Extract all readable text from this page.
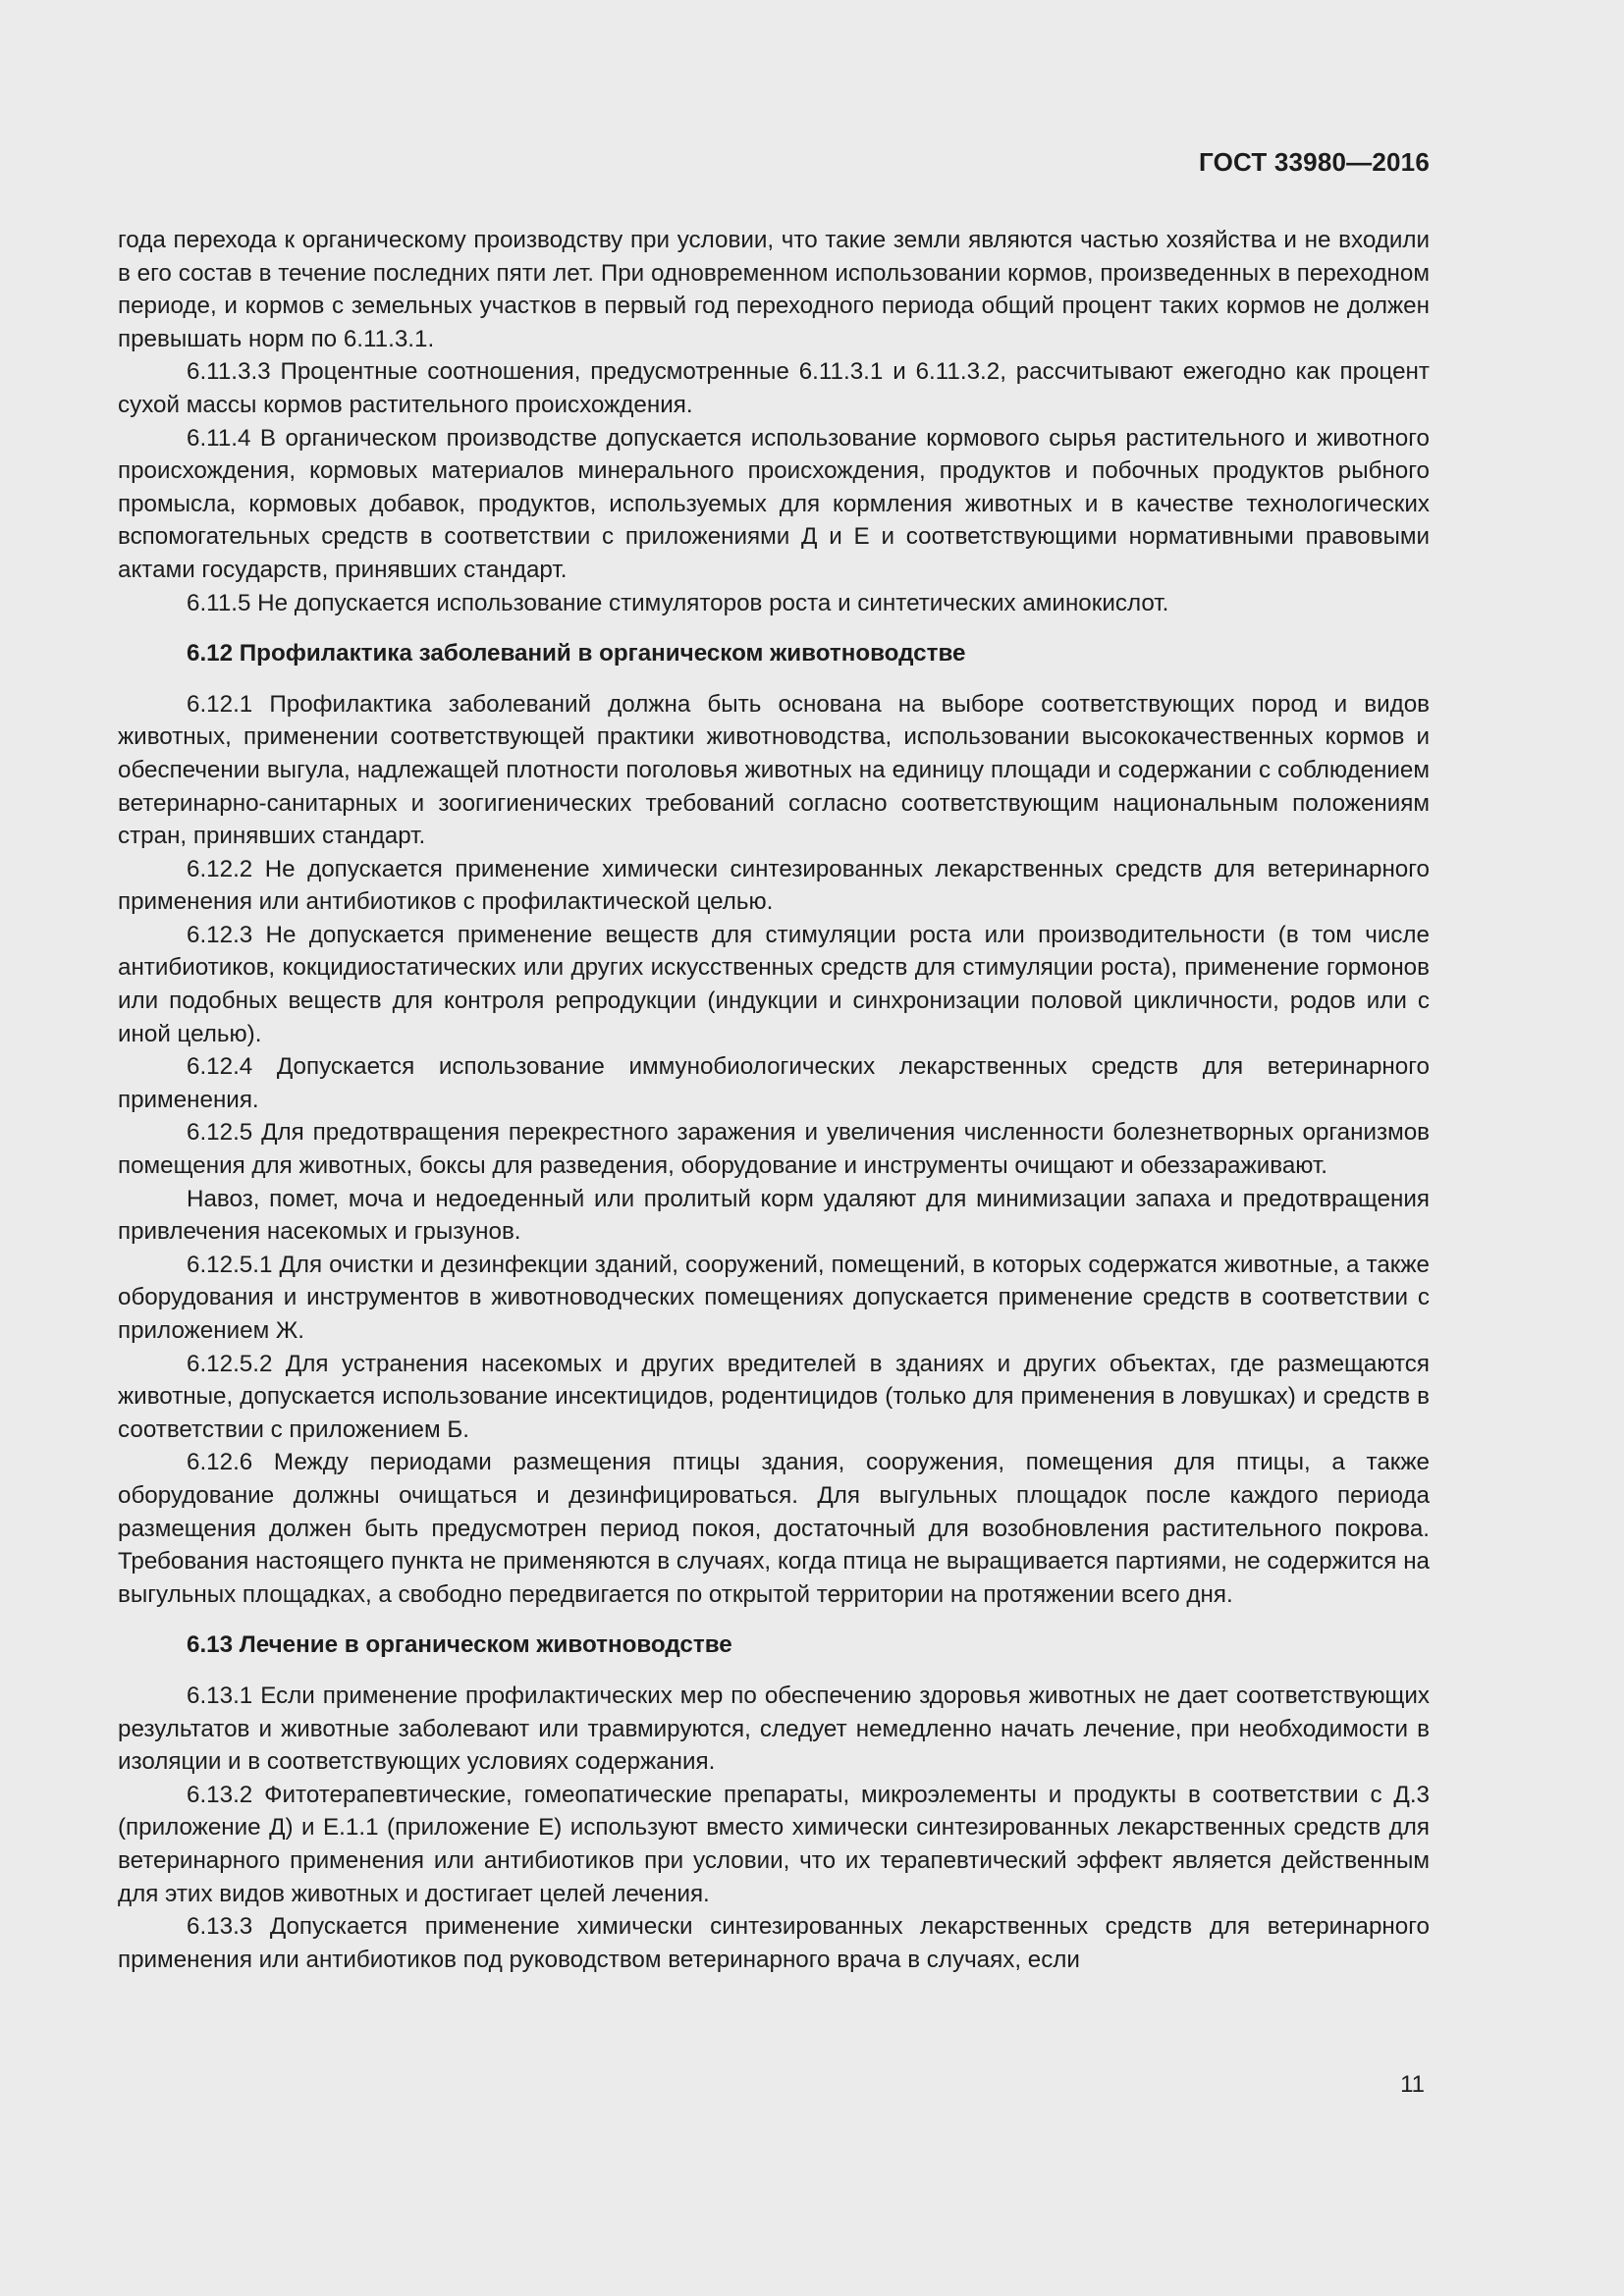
ГОСТ 33980—2016

года перехода к органическому производству при условии, что такие земли являются частью хозяйства и не входили в его состав в течение последних пяти лет. При одновременном использовании кормов, произведенных в переходном периоде, и кормов с земельных участков в первый год переходного периода общий процент таких кормов не должен превышать норм по 6.11.3.1.

6.11.3.3 Процентные соотношения, предусмотренные 6.11.3.1 и 6.11.3.2, рассчитывают ежегодно как процент сухой массы кормов растительного происхождения.

6.11.4 В органическом производстве допускается использование кормового сырья растительного и животного происхождения, кормовых материалов минерального происхождения, продуктов и побочных продуктов рыбного промысла, кормовых добавок, продуктов, используемых для кормления животных и в качестве технологических вспомогательных средств в соответствии с приложениями Д и Е и соответствующими нормативными правовыми актами государств, принявших стандарт.

6.11.5 Не допускается использование стимуляторов роста и синтетических аминокислот.

6.12 Профилактика заболеваний в органическом животноводстве

6.12.1 Профилактика заболеваний должна быть основана на выборе соответствующих пород и видов животных, применении соответствующей практики животноводства, использовании высококачественных кормов и обеспечении выгула, надлежащей плотности поголовья животных на единицу площади и содержании с соблюдением ветеринарно-санитарных и зоогигиенических требований согласно соответствующим национальным положениям стран, принявших стандарт.

6.12.2 Не допускается применение химически синтезированных лекарственных средств для ветеринарного применения или антибиотиков с профилактической целью.

6.12.3 Не допускается применение веществ для стимуляции роста или производительности (в том числе антибиотиков, кокцидиостатических или других искусственных средств для стимуляции роста), применение гормонов или подобных веществ для контроля репродукции (индукции и синхронизации половой цикличности, родов или с иной целью).

6.12.4 Допускается использование иммунобиологических лекарственных средств для ветеринарного применения.

6.12.5 Для предотвращения перекрестного заражения и увеличения численности болезнетворных организмов помещения для животных, боксы для разведения, оборудование и инструменты очищают и обеззараживают.

Навоз, помет, моча и недоеденный или пролитый корм удаляют для минимизации запаха и предотвращения привлечения насекомых и грызунов.

6.12.5.1 Для очистки и дезинфекции зданий, сооружений, помещений, в которых содержатся животные, а также оборудования и инструментов в животноводческих помещениях допускается применение средств в соответствии с приложением Ж.

6.12.5.2 Для устранения насекомых и других вредителей в зданиях и других объектах, где размещаются животные, допускается использование инсектицидов, родентицидов (только для применения в ловушках) и средств в соответствии с приложением Б.

6.12.6 Между периодами размещения птицы здания, сооружения, помещения для птицы, а также оборудование должны очищаться и дезинфицироваться. Для выгульных площадок после каждого периода размещения должен быть предусмотрен период покоя, достаточный для возобновления растительного покрова. Требования настоящего пункта не применяются в случаях, когда птица не выращивается партиями, не содержится на выгульных площадках, а свободно передвигается по открытой территории на протяжении всего дня.

6.13 Лечение в органическом животноводстве

6.13.1 Если применение профилактических мер по обеспечению здоровья животных не дает соответствующих результатов и животные заболевают или травмируются, следует немедленно начать лечение, при необходимости в изоляции и в соответствующих условиях содержания.

6.13.2 Фитотерапевтические, гомеопатические препараты, микроэлементы и продукты в соответствии с Д.3 (приложение Д) и Е.1.1 (приложение Е) используют вместо химически синтезированных лекарственных средств для ветеринарного применения или антибиотиков при условии, что их терапевтический эффект является действенным для этих видов животных и достигает целей лечения.

6.13.3 Допускается применение химически синтезированных лекарственных средств для ветеринарного применения или антибиотиков под руководством ветеринарного врача в случаях, если

11
